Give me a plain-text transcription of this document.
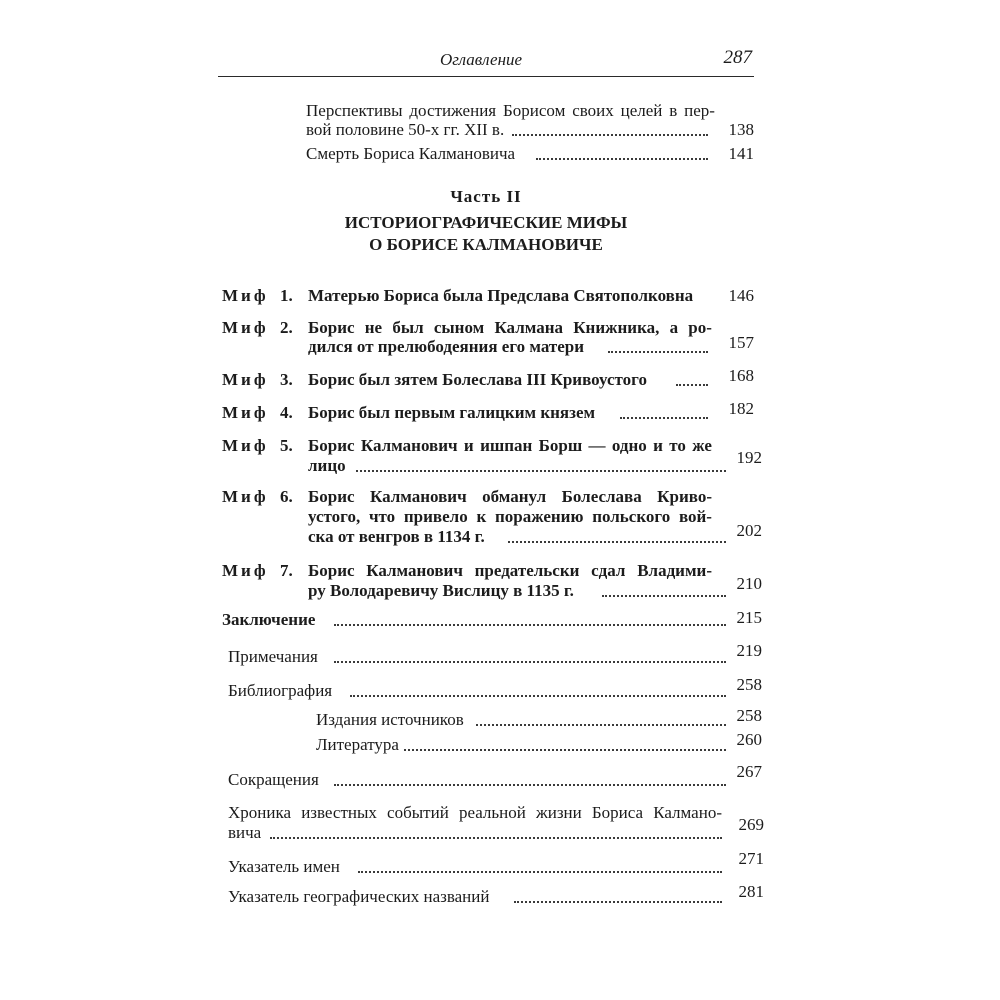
Оглавление	287
Перспективы достижения Борисом своих целей в пер-
вой половине 50-х гг. XII в.	138
Смерть Бориса Калмановича	141
Часть II
ИСТОРИОГРАФИЧЕСКИЕ МИФЫ
О БОРИСЕ КАЛМАНОВИЧЕ
Миф 1. Матерью Бориса была Предслава Святополковна 146
Миф 2. Борис не был сыном Калмана Книжника, а ро-
дился от прелюбодеяния его матери	157
Миф 3. Борис был зятем Болеслава III Кривоустого	168
Миф 4. Борис был первым галицким князем	182
Миф 5. Борис Калманович и ишпан Борш — одно и то же
лицо	192
Миф 6. Борис Калманович обманул Болеслава Криво-
устого, что привело к поражению польского вой-
ска от венгров в 1134 г.	202
Миф 7. Борис Калманович предательски сдал Владими-
ру Володаревичу Вислицу в 1135 г.	210
Заключение	215
Примечания	219
Библиография	258
Издания источников	258
Литература	260
Сокращения	267
Хроника известных событий реальной жизни Бориса Калмано-
вича	269
Указатель имен	271
Указатель географических названий	281
